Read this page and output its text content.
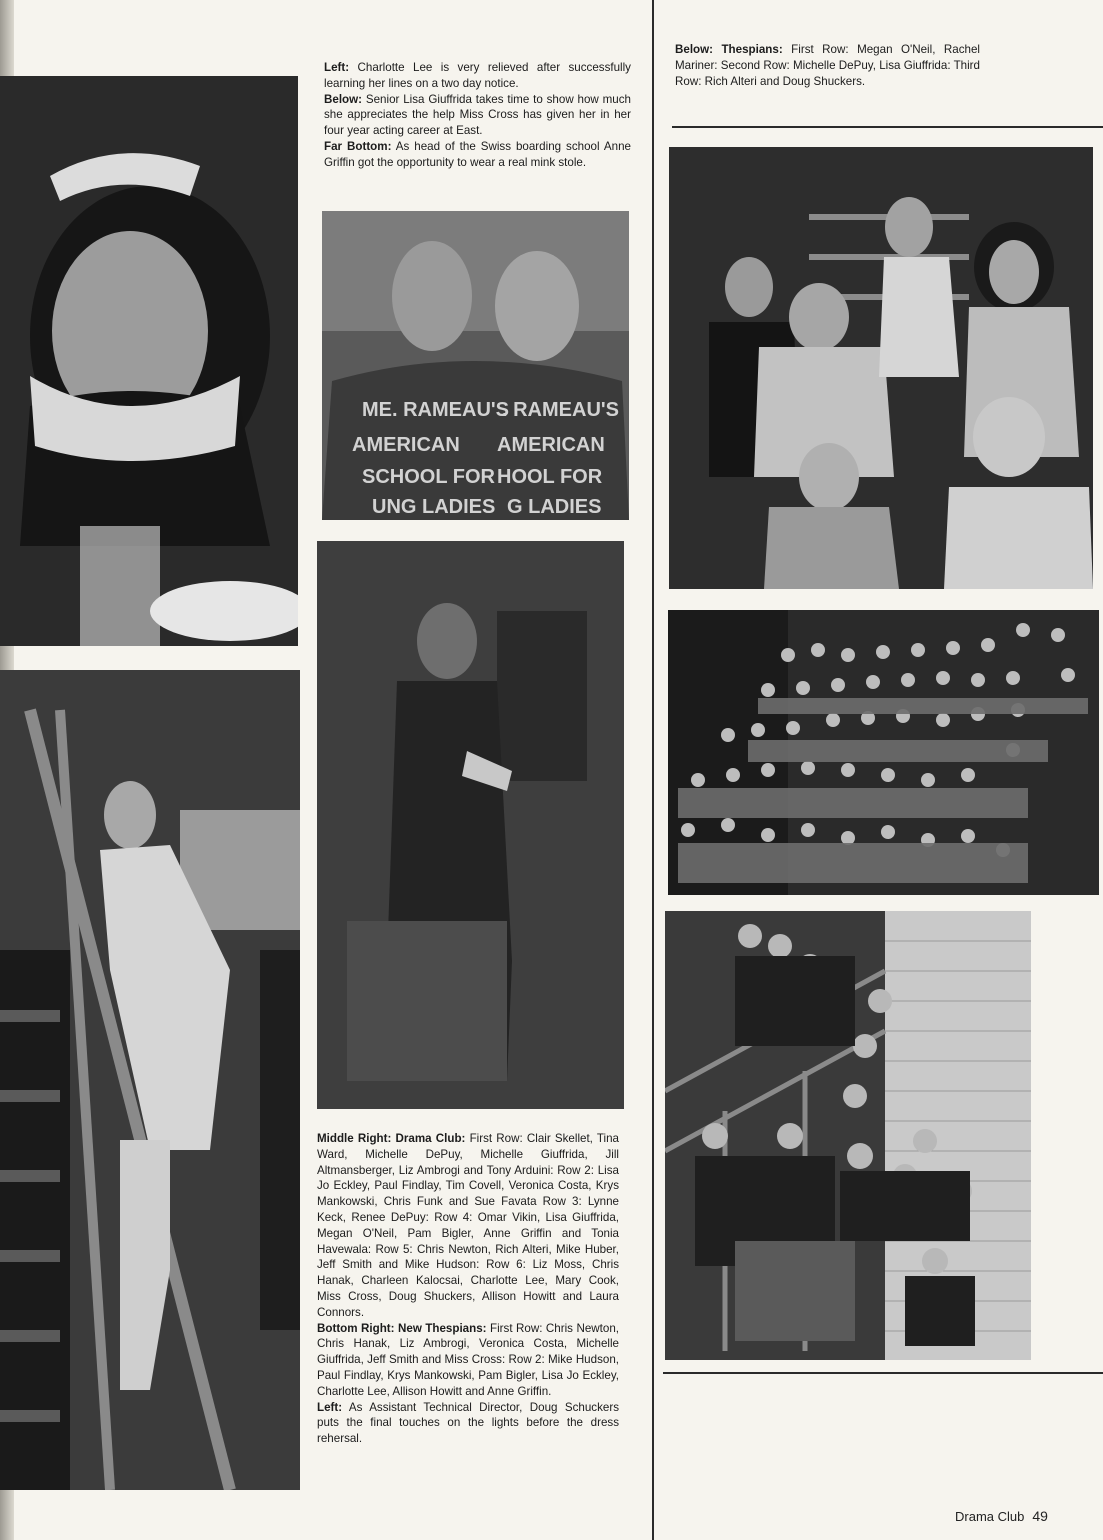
Left: Charlotte Lee is very relieved after successfully learning her lines on a two day notice.

Below: Senior Lisa Giuffrida takes time to show how much she appreciates the help Miss Cross has given her in her four year acting career at East.

Far Bottom: As head of the Swiss boarding school Anne Griffin got the opportunity to wear a real mink stole.

ME. RAMEAU'S
. RAMEAU'S
AMERICAN AMERICAN
SCHOOL FOR HOOL FOR
UNG LADIES G LADIES

Middle Right: Drama Club: First Row: Clair Skellet, Tina Ward, Michelle DePuy, Michelle Giuffrida, Jill Altmansberger, Liz Ambrogi and Tony Arduini: Row 2: Lisa Jo Eckley, Paul Findlay, Tim Covell, Veronica Costa, Krys Mankowski, Chris Funk and Sue Favata Row 3: Lynne Keck, Renee DePuy: Row 4: Omar Vikin, Lisa Giuffrida, Megan O'Neil, Pam Bigler, Anne Griffin and Tonia Havewala: Row 5: Chris Newton, Rich Alteri, Mike Huber, Jeff Smith and Mike Hudson: Row 6: Liz Moss, Chris Hanak, Charleen Kalocsai, Charlotte Lee, Mary Cook, Miss Cross, Doug Shuckers, Allison Howitt and Laura Connors.

Bottom Right: New Thespians: First Row: Chris Newton, Chris Hanak, Liz Ambrogi, Veronica Costa, Michelle Giuffrida, Jeff Smith and Miss Cross: Row 2: Mike Hudson, Paul Findlay, Krys Mankowski, Pam Bigler, Lisa Jo Eckley, Charlotte Lee, Allison Howitt and Anne Griffin.

Left: As Assistant Technical Director, Doug Schuckers puts the final touches on the lights before the dress rehersal.

Below: Thespians: First Row: Megan O'Neil, Rachel Mariner: Second Row: Michelle DePuy, Lisa Giuffrida: Third Row: Rich Alteri and Doug Shuckers.

Drama Club 49
